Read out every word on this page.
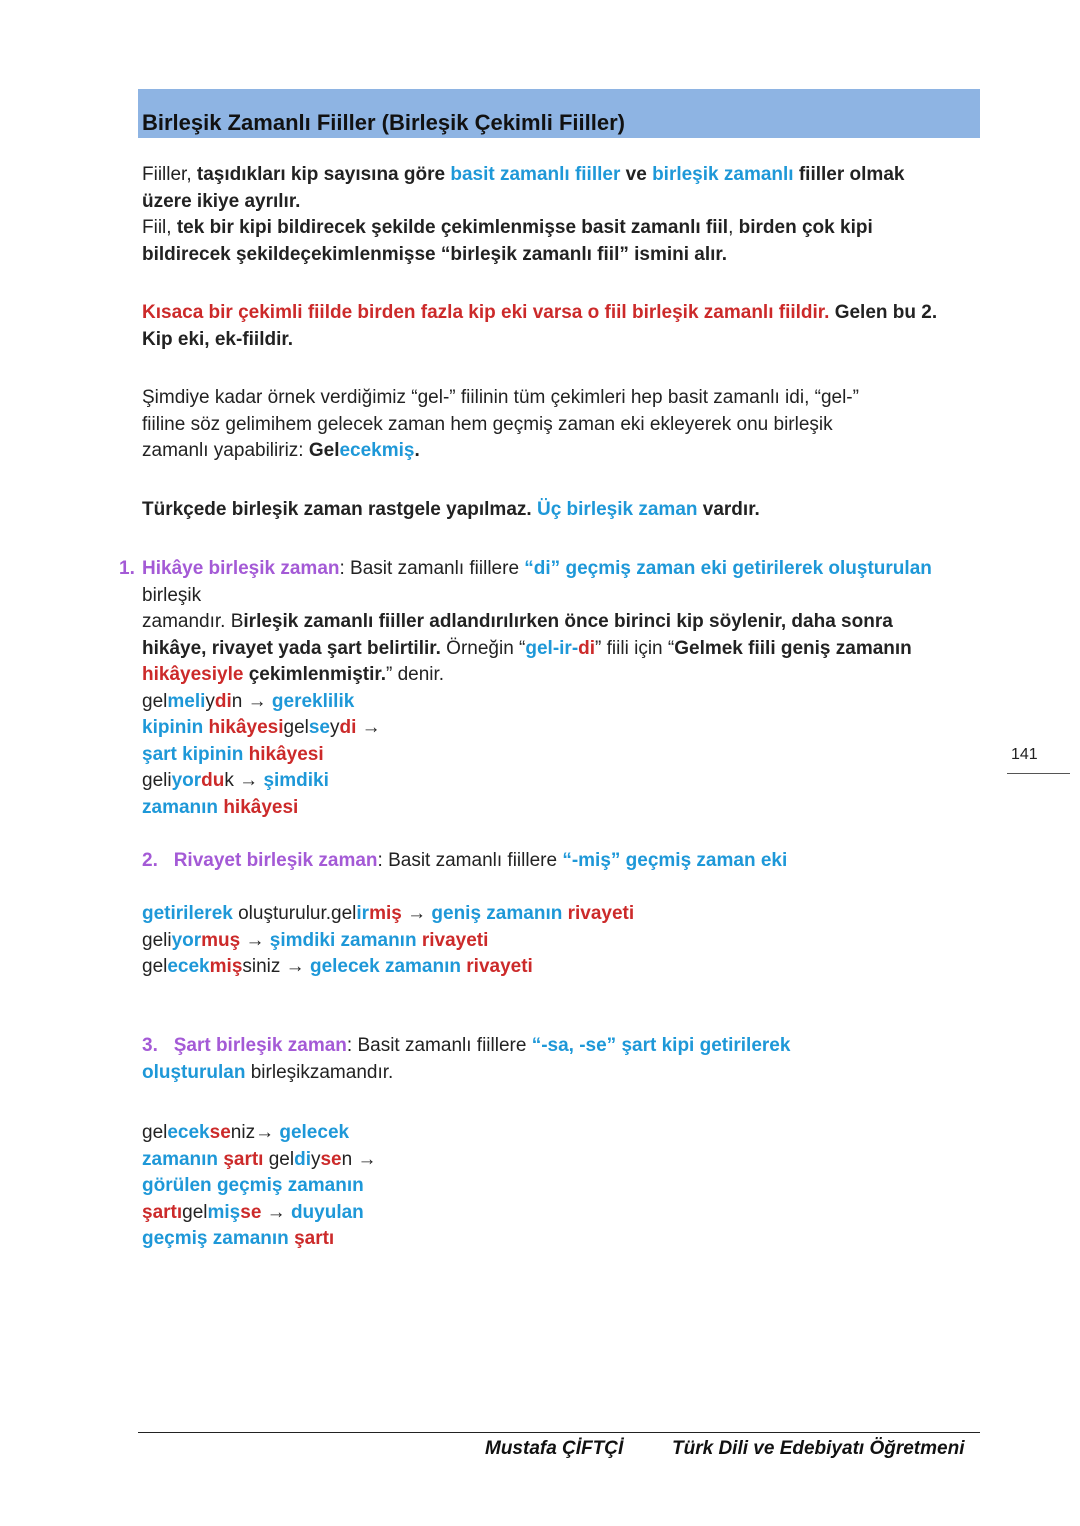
Birleşik Zamanlı Fiiller (Birleşik Çekimli Fiiller)

Fiiller, taşıdıkları kip sayısına göre basit zamanlı fiiller ve birleşik zamanlı fiiller olmak
üzere ikiye ayrılır.
Fiil, tek bir kipi bildirecek şekilde çekimlenmişse basit zamanlı fiil, birden çok kipi
bildirecek şekildeçekimlenmişse “birleşik zamanlı fiil” ismini alır.

Kısaca bir çekimli fiilde birden fazla kip eki varsa o fiil birleşik zamanlı fiildir. Gelen bu 2.
Kip eki, ek-fiildir.

Şimdiye kadar örnek verdiğimiz “gel-” fiilinin tüm çekimleri hep basit zamanlı idi, “gel-”
fiiline söz gelimihem gelecek zaman hem geçmiş zaman eki ekleyerek onu birleşik
zamanlı yapabiliriz: Gelecekmiş.

Türkçede birleşik zaman rastgele yapılmaz. Üç birleşik zaman vardır.

1. Hikâye birleşik zaman: Basit zamanlı fiillere “di” geçmiş zaman eki getirilerek oluşturulan
birleşik
zamandır. Birleşik zamanlı fiiller adlandırılırken önce birinci kip söylenir, daha sonra
hikâye, rivayet yada şart belirtilir. Örneğin “gel-ir-di” fiili için “Gelmek fiili geniş zamanın
hikâyesiyle çekimlenmiştir.” denir.
gelmeliydin → gereklilik
kipinin hikâyesigelseydi →
şart kipinin hikâyesi
geliyorduk → şimdiki
zamanın hikâyesi

2. Rivayet birleşik zaman: Basit zamanlı fiillere “-miş” geçmiş zaman eki

getirilerek oluşturulur.gelirmiş → geniş zamanın rivayeti
geliyormuş → şimdiki zamanın rivayeti
gelecekmişsiniz → gelecek zamanın rivayeti

3. Şart birleşik zaman: Basit zamanlı fiillere “-sa, -se” şart kipi getirilerek
oluşturulan birleşikzamandır.

gelecekseniz→ gelecek
zamanın şartı geldiysen →
görülen geçmiş zamanın
şartıgelmişse → duyulan
geçmiş zamanın şartı

141
Mustafa ÇİFTÇİ	Türk Dili ve Edebiyatı Öğretmeni
